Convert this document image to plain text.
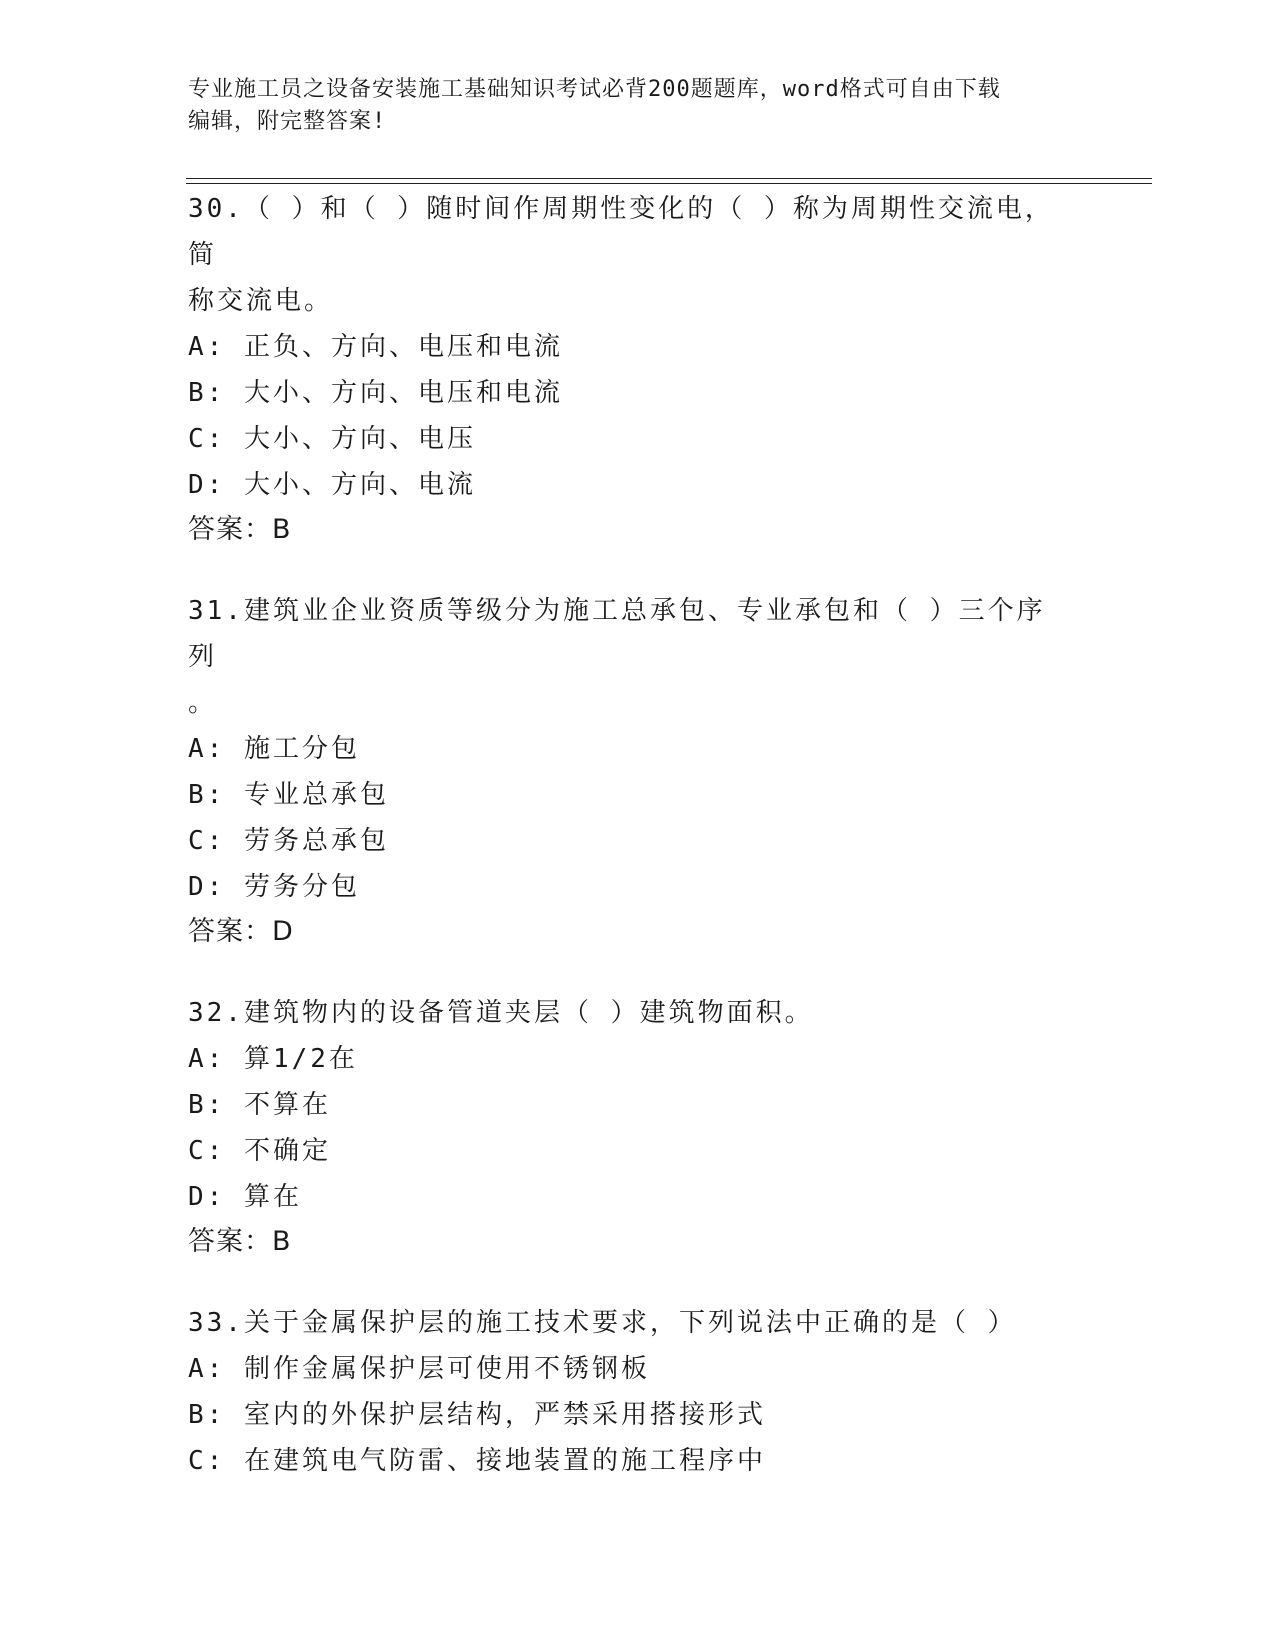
专业施工员之设备安装施工基础知识考试必背200题题库，word格式可自由下载
编辑，附完整答案!
30.（ ）和（ ）随时间作周期性变化的（ ）称为周期性交流电，简
称交流电。
A: 正负、方向、电压和电流
B: 大小、方向、电压和电流
C: 大小、方向、电压
D: 大小、方向、电流
答案：B
31.建筑业企业资质等级分为施工总承包、专业承包和（ ）三个序列
。
A: 施工分包
B: 专业总承包
C: 劳务总承包
D: 劳务分包
答案：D
32.建筑物内的设备管道夹层（ ）建筑物面积。
A: 算1/2在
B: 不算在
C: 不确定
D: 算在
答案：B
33.关于金属保护层的施工技术要求，下列说法中正确的是（ ）
A: 制作金属保护层可使用不锈钢板
B: 室内的外保护层结构，严禁采用搭接形式
C: 在建筑电气防雷、接地装置的施工程序中
